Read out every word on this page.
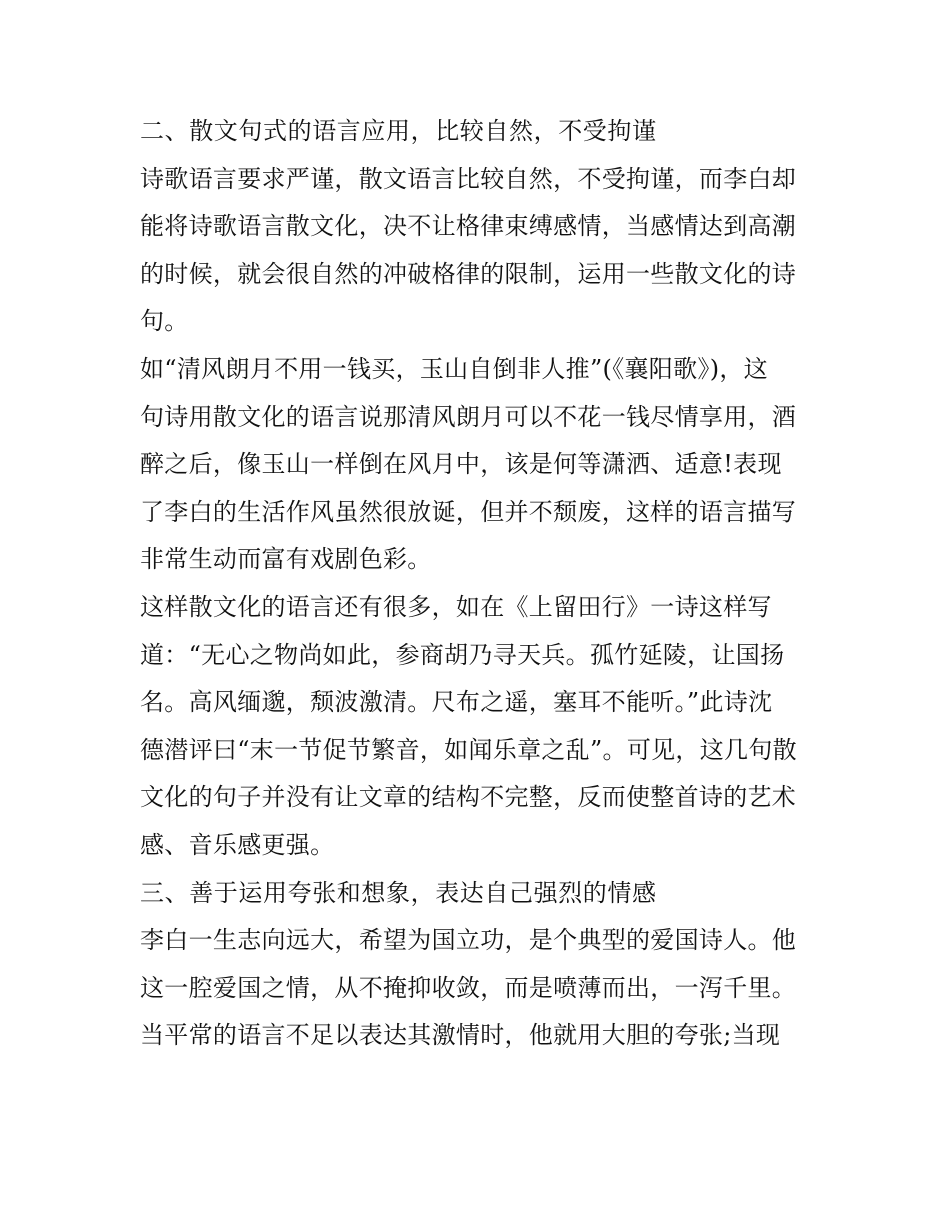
二、散文句式的语言应用，比较自然，不受拘谨
诗歌语言要求严谨，散文语言比较自然，不受拘谨，而李白却
能将诗歌语言散文化，决不让格律束缚感情，当感情达到高潮
的时候，就会很自然的冲破格律的限制，运用一些散文化的诗
句。
如“清风朗月不用一钱买，玉山自倒非人推”(《襄阳歌》)，这
句诗用散文化的语言说那清风朗月可以不花一钱尽情享用，酒
醉之后，像玉山一样倒在风月中，该是何等潇洒、适意!表现
了李白的生活作风虽然很放诞，但并不颓废，这样的语言描写
非常生动而富有戏剧色彩。
这样散文化的语言还有很多，如在《上留田行》一诗这样写
道：“无心之物尚如此，参商胡乃寻天兵。孤竹延陵，让国扬
名。高风缅邈，颓波激清。尺布之遥，塞耳不能听。”此诗沈
德潜评曰“末一节促节繁音，如闻乐章之乱”。可见，这几句散
文化的句子并没有让文章的结构不完整，反而使整首诗的艺术
感、音乐感更强。
三、善于运用夸张和想象，表达自己强烈的情感
李白一生志向远大，希望为国立功，是个典型的爱国诗人。他
这一腔爱国之情，从不掩抑收敛，而是喷薄而出，一泻千里。
当平常的语言不足以表达其激情时，他就用大胆的夸张;当现
